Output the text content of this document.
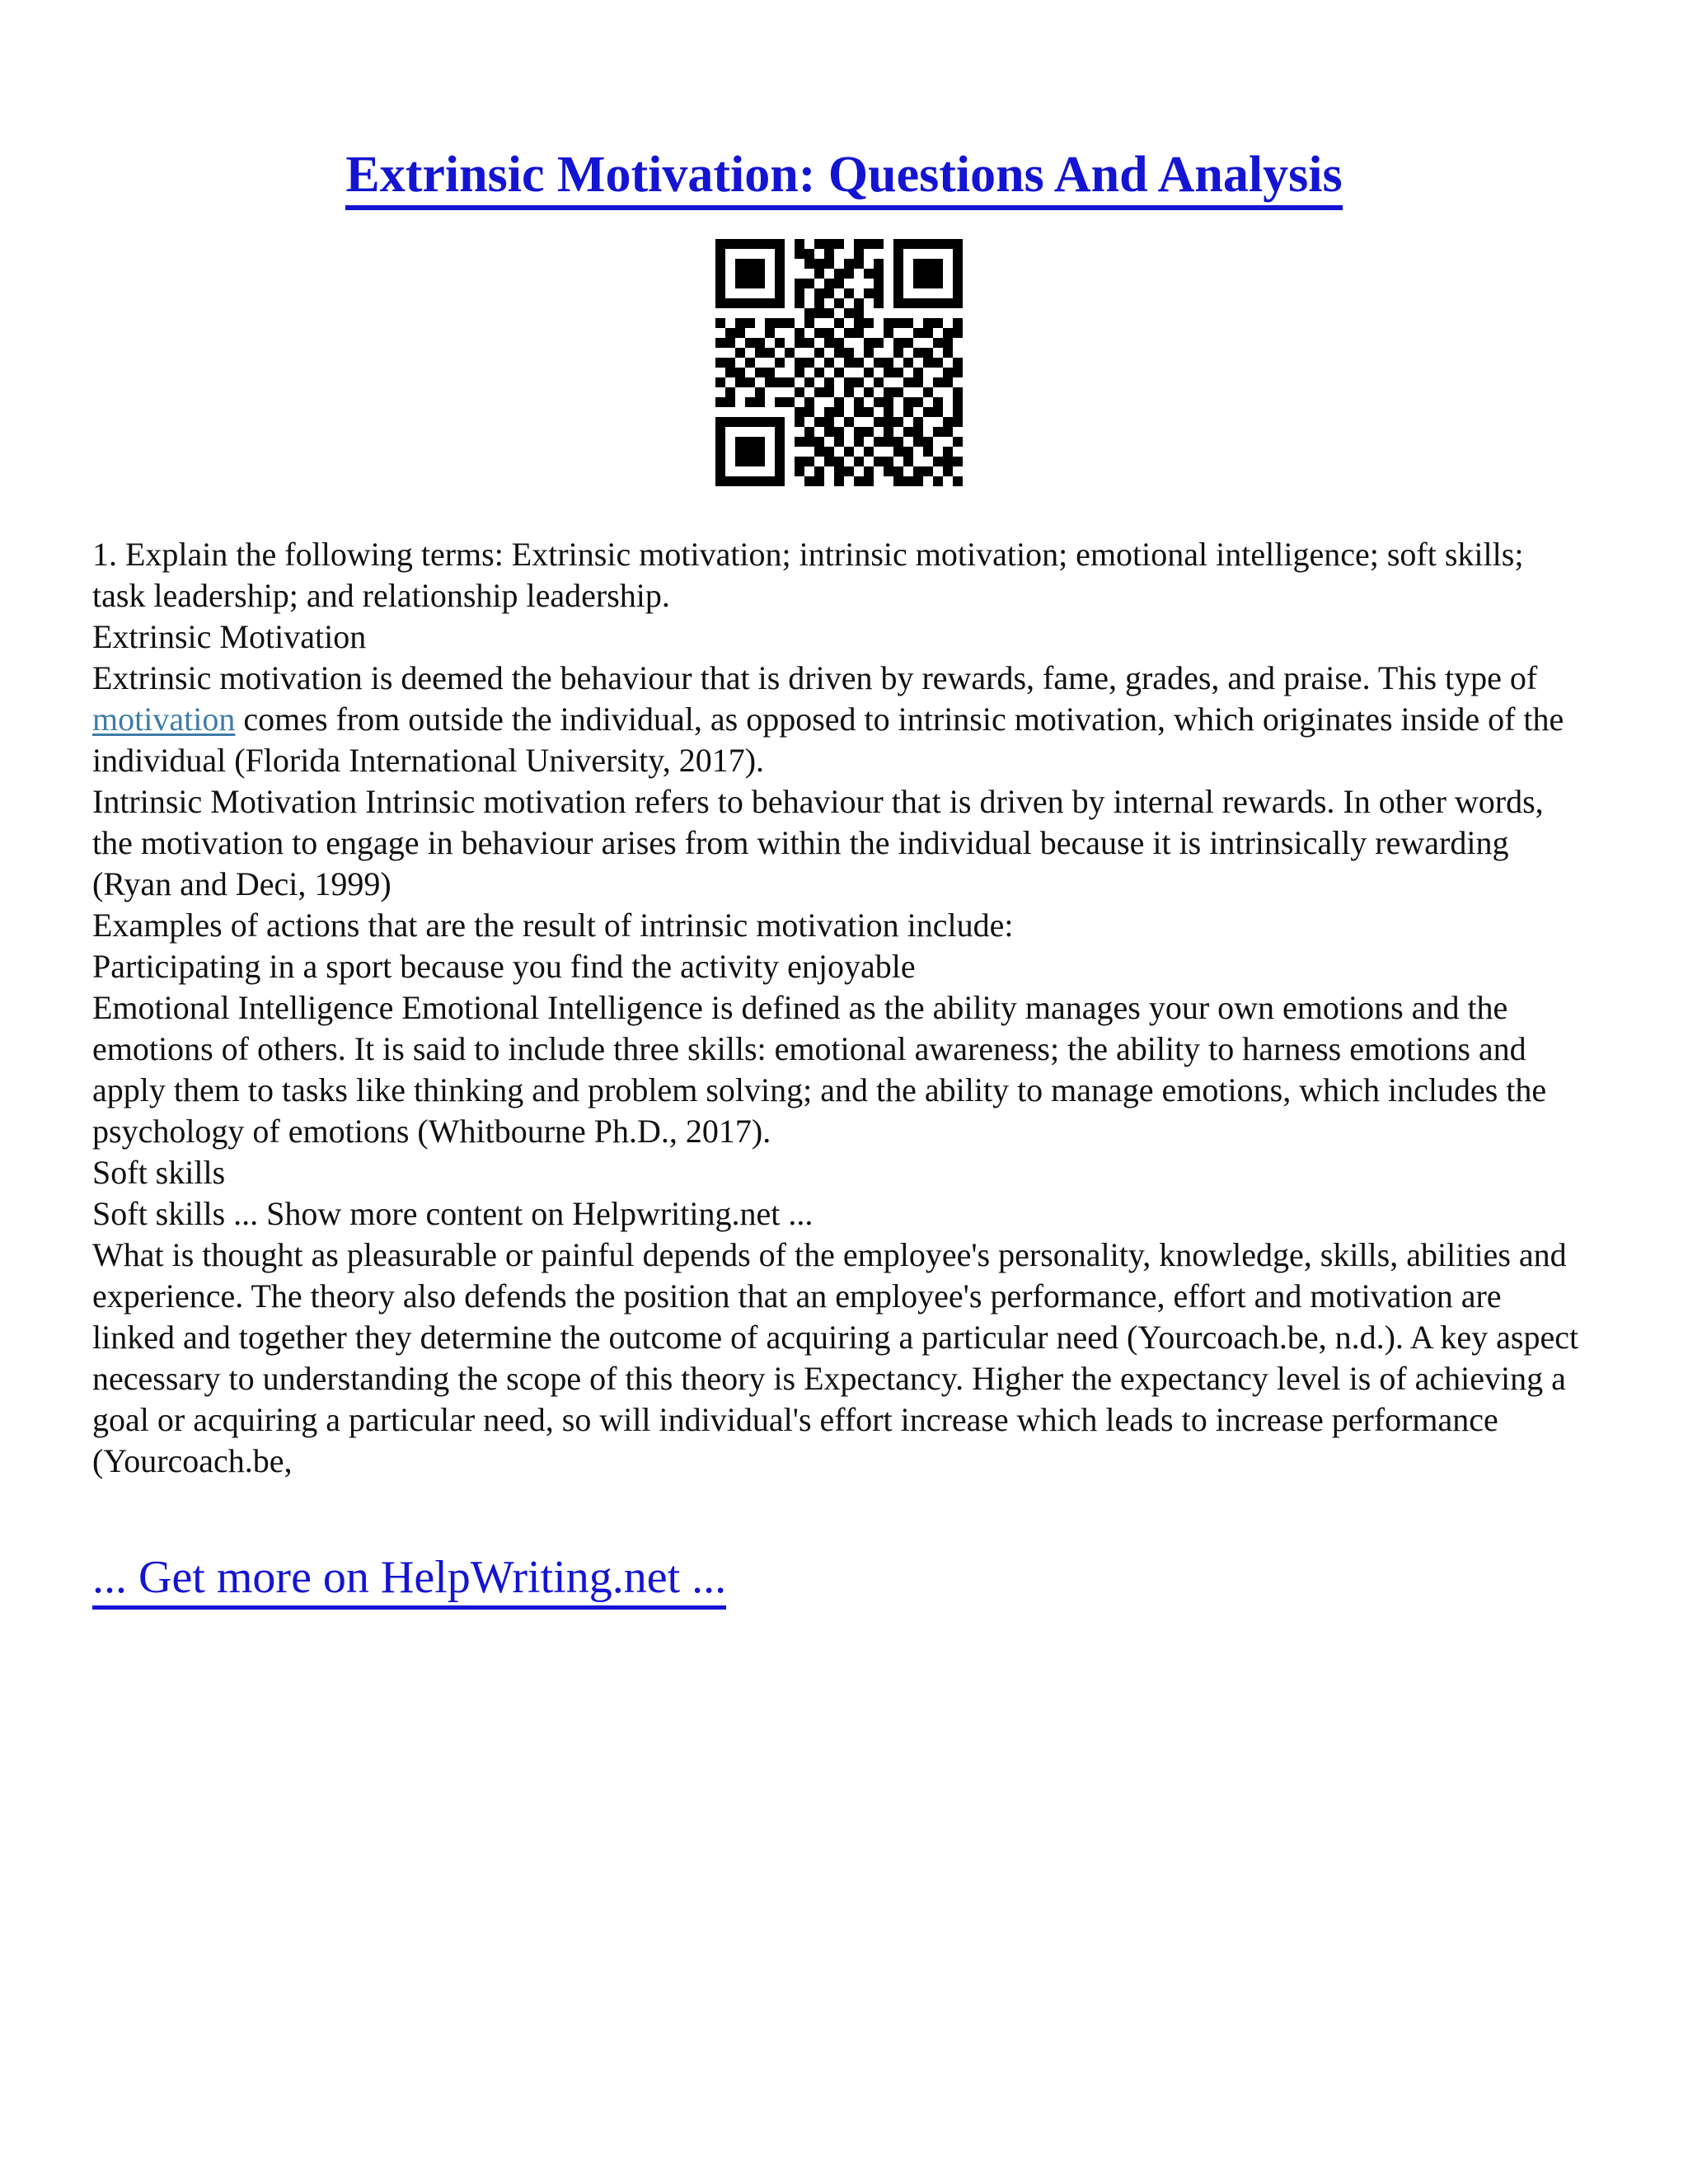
Extrinsic Motivation: Questions And Analysis

1. Explain the following terms: Extrinsic motivation; intrinsic motivation; emotional intelligence; soft skills; task leadership; and relationship leadership.

Extrinsic Motivation

Extrinsic motivation is deemed the behaviour that is driven by rewards, fame, grades, and praise. This type of motivation comes from outside the individual, as opposed to intrinsic motivation, which originates inside of the individual (Florida International University, 2017).

Intrinsic Motivation Intrinsic motivation refers to behaviour that is driven by internal rewards. In other words, the motivation to engage in behaviour arises from within the individual because it is intrinsically rewarding (Ryan and Deci, 1999)

Examples of actions that are the result of intrinsic motivation include:

Participating in a sport because you find the activity enjoyable

Emotional Intelligence Emotional Intelligence is defined as the ability manages your own emotions and the emotions of others. It is said to include three skills: emotional awareness; the ability to harness emotions and apply them to tasks like thinking and problem solving; and the ability to manage emotions, which includes the psychology of emotions (Whitbourne Ph.D., 2017).

Soft skills

Soft skills ... Show more content on Helpwriting.net ...

What is thought as pleasurable or painful depends of the employee's personality, knowledge, skills, abilities and experience. The theory also defends the position that an employee's performance, effort and motivation are linked and together they determine the outcome of acquiring a particular need (Yourcoach.be, n.d.). A key aspect necessary to understanding the scope of this theory is Expectancy. Higher the expectancy level is of achieving a goal or acquiring a particular need, so will individual's effort increase which leads to increase performance (Yourcoach.be,

... Get more on HelpWriting.net ...
